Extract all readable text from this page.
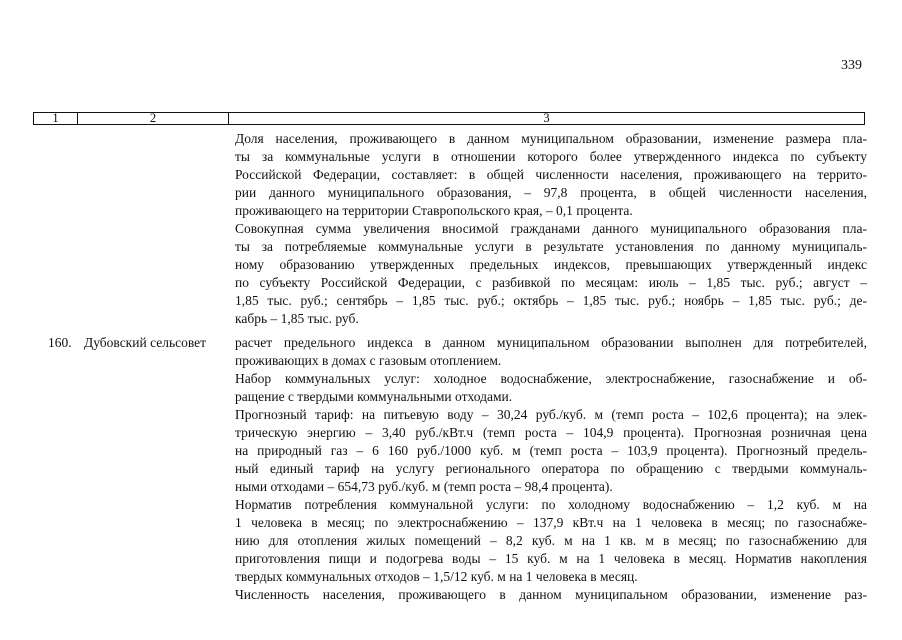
339
1	2	3
Доля населения, проживающего в данном муниципальном образовании, изменение размера пла-
ты за коммунальные услуги в отношении которого более утвержденного индекса по субъекту
Российской Федерации, составляет: в общей численности населения, проживающего на террито-
рии данного муниципального образования, – 97,8 процента, в общей численности населения,
проживающего на территории Ставропольского края, – 0,1 процента.
Совокупная сумма увеличения вносимой гражданами данного муниципального образования пла-
ты за потребляемые коммунальные услуги в результате установления по данному муниципаль-
ному образованию утвержденных предельных индексов, превышающих утвержденный индекс
по субъекту Российской Федерации, с разбивкой по месяцам: июль – 1,85 тыс. руб.; август –
1,85 тыс. руб.; сентябрь – 1,85 тыс. руб.; октябрь – 1,85 тыс. руб.; ноябрь – 1,85 тыс. руб.; де-
кабрь – 1,85 тыс. руб.
160. Дубовский сельсовет расчет предельного индекса в данном муниципальном образовании выполнен для потребителей,
проживающих в домах с газовым отоплением.
Набор коммунальных услуг: холодное водоснабжение, электроснабжение, газоснабжение и об-
ращение с твердыми коммунальными отходами.
Прогнозный тариф: на питьевую воду – 30,24 руб./куб. м (темп роста – 102,6 процента); на элек-
трическую энергию – 3,40 руб./кВт.ч (темп роста – 104,9 процента). Прогнозная розничная цена
на природный газ – 6 160 руб./1000 куб. м (темп роста – 103,9 процента). Прогнозный предель-
ный единый тариф на услугу регионального оператора по обращению с твердыми коммуналь-
ными отходами – 654,73 руб./куб. м (темп роста – 98,4 процента).
Норматив потребления коммунальной услуги: по холодному водоснабжению – 1,2 куб. м на
1 человека в месяц; по электроснабжению – 137,9 кВт.ч на 1 человека в месяц; по газоснабже-
нию для отопления жилых помещений – 8,2 куб. м на 1 кв. м в месяц; по газоснабжению для
приготовления пищи и подогрева воды – 15 куб. м на 1 человека в месяц. Норматив накопления
твердых коммунальных отходов – 1,5/12 куб. м на 1 человека в месяц.
Численность населения, проживающего в данном муниципальном образовании, изменение раз-
